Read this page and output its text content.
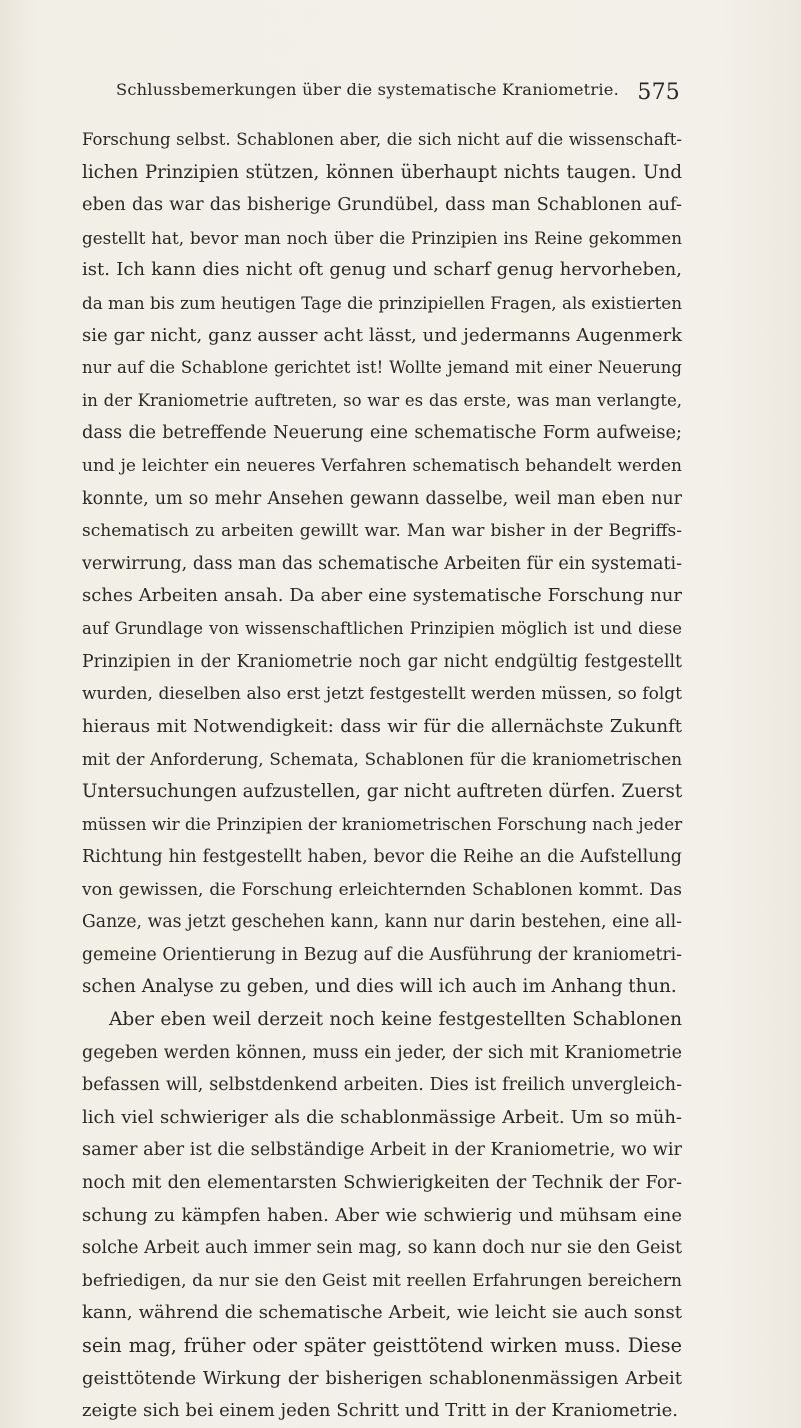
Schlussbemerkungen über die systematische Kraniometrie. 575
Forschung selbst. Schablonen aber, die sich nicht auf die wissenschaft-
lichen Prinzipien stützen, können überhaupt nichts taugen. Und
eben das war das bisherige Grundübel, dass man Schablonen auf-
gestellt hat, bevor man noch über die Prinzipien ins Reine gekommen
ist. Ich kann dies nicht oft genug und scharf genug hervorheben,
da man bis zum heutigen Tage die prinzipiellen Fragen, als existierten
sie gar nicht, ganz ausser acht lässt, und jedermanns Augenmerk
nur auf die Schablone gerichtet ist! Wollte jemand mit einer Neuerung
in der Kraniometrie auftreten, so war es das erste, was man verlangte,
dass die betreffende Neuerung eine schematische Form aufweise;
und je leichter ein neueres Verfahren schematisch behandelt werden
konnte, um so mehr Ansehen gewann dasselbe, weil man eben nur
schematisch zu arbeiten gewillt war. Man war bisher in der Begriffs-
verwirrung, dass man das schematische Arbeiten für ein systemati-
sches Arbeiten ansah. Da aber eine systematische Forschung nur
auf Grundlage von wissenschaftlichen Prinzipien möglich ist und diese
Prinzipien in der Kraniometrie noch gar nicht endgültig festgestellt
wurden, dieselben also erst jetzt festgestellt werden müssen, so folgt
hieraus mit Notwendigkeit: dass wir für die allernächste Zukunft
mit der Anforderung, Schemata, Schablonen für die kraniometrischen
Untersuchungen aufzustellen, gar nicht auftreten dürfen. Zuerst
müssen wir die Prinzipien der kraniometrischen Forschung nach jeder
Richtung hin festgestellt haben, bevor die Reihe an die Aufstellung
von gewissen, die Forschung erleichternden Schablonen kommt. Das
Ganze, was jetzt geschehen kann, kann nur darin bestehen, eine all-
gemeine Orientierung in Bezug auf die Ausführung der kraniometri-
schen Analyse zu geben, und dies will ich auch im Anhang thun.
Aber eben weil derzeit noch keine festgestellten Schablonen
gegeben werden können, muss ein jeder, der sich mit Kraniometrie
befassen will, selbstdenkend arbeiten. Dies ist freilich unvergleich-
lich viel schwieriger als die schablonmässige Arbeit. Um so müh-
samer aber ist die selbständige Arbeit in der Kraniometrie, wo wir
noch mit den elementarsten Schwierigkeiten der Technik der For-
schung zu kämpfen haben. Aber wie schwierig und mühsam eine
solche Arbeit auch immer sein mag, so kann doch nur sie den Geist
befriedigen, da nur sie den Geist mit reellen Erfahrungen bereichern
kann, während die schematische Arbeit, wie leicht sie auch sonst
sein mag, früher oder später geisttötend wirken muss. Diese
geisttötende Wirkung der bisherigen schablonenmässigen Arbeit
zeigte sich bei einem jeden Schritt und Tritt in der Kraniometrie.
